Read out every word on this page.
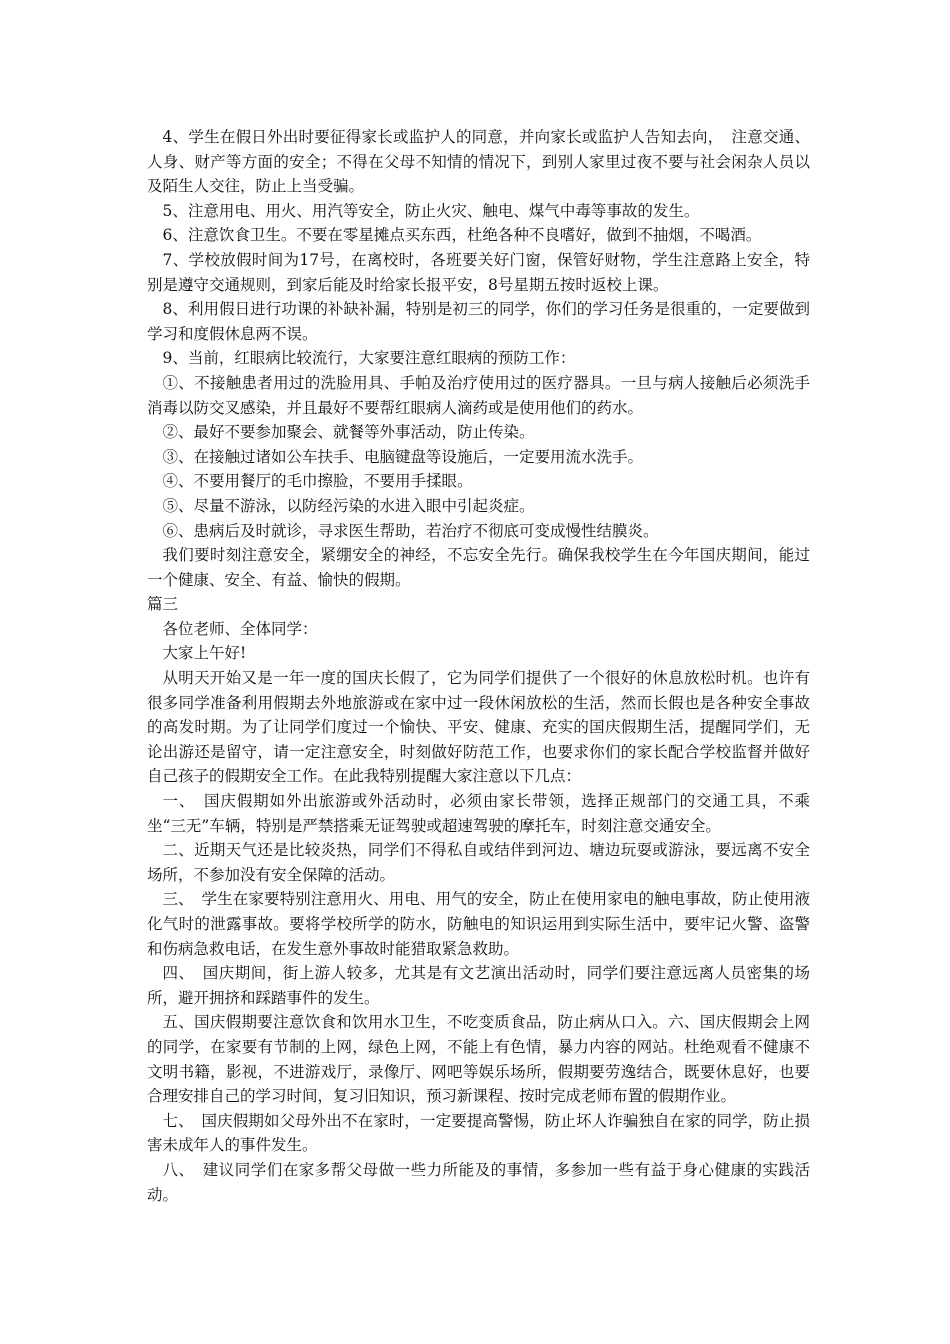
4、学生在假日外出时要征得家长或监护人的同意，并向家长或监护人告知去向，　注意交通、人身、财产等方面的安全；不得在父母不知情的情况下，到别人家里过夜不要与社会闲杂人员以及陌生人交往，防止上当受骗。

5、注意用电、用火、用汽等安全，防止火灾、触电、煤气中毒等事故的发生。

6、注意饮食卫生。不要在零星摊点买东西，杜绝各种不良嗜好，做到不抽烟，不喝酒。

7、学校放假时间为17号，在离校时，各班要关好门窗，保管好财物，学生注意路上安全，特别是遵守交通规则，到家后能及时给家长报平安，8号星期五按时返校上课。

8、利用假日进行功课的补缺补漏，特别是初三的同学，你们的学习任务是很重的，一定要做到学习和度假休息两不误。

9、当前，红眼病比较流行，大家要注意红眼病的预防工作：

①、不接触患者用过的洗脸用具、手帕及治疗使用过的医疗器具。一旦与病人接触后必须洗手消毒以防交叉感染，并且最好不要帮红眼病人滴药或是使用他们的药水。

②、最好不要参加聚会、就餐等外事活动，防止传染。

③、在接触过诸如公车扶手、电脑键盘等设施后，一定要用流水洗手。

④、不要用餐厅的毛巾擦脸，不要用手揉眼。

⑤、尽量不游泳，以防经污染的水进入眼中引起炎症。

⑥、患病后及时就诊，寻求医生帮助，若治疗不彻底可变成慢性结膜炎。

我们要时刻注意安全，紧绷安全的神经，不忘安全先行。确保我校学生在今年国庆期间，能过一个健康、安全、有益、愉快的假期。

篇三

各位老师、全体同学：

大家上午好!

从明天开始又是一年一度的国庆长假了，它为同学们提供了一个很好的休息放松时机。也许有很多同学准备利用假期去外地旅游或在家中过一段休闲放松的生活，然而长假也是各种安全事故的高发时期。为了让同学们度过一个愉快、平安、健康、充实的国庆假期生活，提醒同学们，无论出游还是留守，请一定注意安全，时刻做好防范工作，也要求你们的家长配合学校监督并做好自己孩子的假期安全工作。在此我特别提醒大家注意以下几点：

一、　国庆假期如外出旅游或外活动时，必须由家长带领，选择正规部门的交通工具，不乘坐“三无”车辆，特别是严禁搭乘无证驾驶或超速驾驶的摩托车，时刻注意交通安全。

二、近期天气还是比较炎热，同学们不得私自或结伴到河边、塘边玩耍或游泳，要远离不安全场所，不参加没有安全保障的活动。

三、　学生在家要特别注意用火、用电、用气的安全，防止在使用家电的触电事故，防止使用液化气时的泄露事故。要将学校所学的防水，防触电的知识运用到实际生活中，要牢记火警、盗警和伤病急救电话，在发生意外事故时能猎取紧急救助。

四、　国庆期间，街上游人较多，尤其是有文艺演出活动时，同学们要注意远离人员密集的场所，避开拥挤和踩踏事件的发生。

五、国庆假期要注意饮食和饮用水卫生，不吃变质食品，防止病从口入。六、国庆假期会上网的同学，在家要有节制的上网，绿色上网，不能上有色情，暴力内容的网站。杜绝观看不健康不文明书籍，影视，不进游戏厅，录像厅、网吧等娱乐场所，假期要劳逸结合，既要休息好，也要合理安排自己的学习时间，复习旧知识，预习新课程、按时完成老师布置的假期作业。

七、　国庆假期如父母外出不在家时，一定要提高警惕，防止坏人诈骗独自在家的同学，防止损害未成年人的事件发生。

八、　建议同学们在家多帮父母做一些力所能及的事情，多参加一些有益于身心健康的实践活动。
